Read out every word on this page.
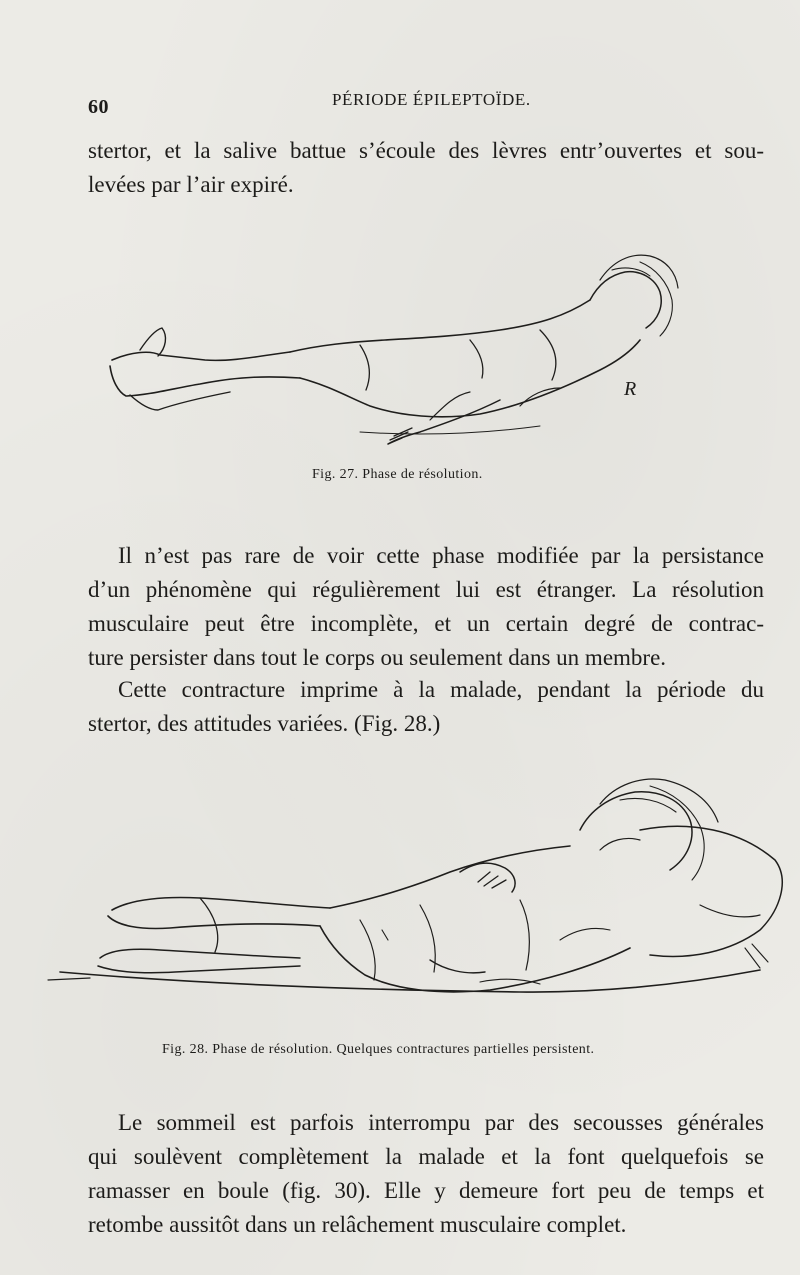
60	PÉRIODE ÉPILEPTOÏDE.
stertor, et la salive battue s’écoule des lèvres entr’ouvertes et sou-
levées par l’air expiré.
R
Fig. 27. Phase de résolution.
Il n’est pas rare de voir cette phase modifiée par la persistance
d’un phénomène qui régulièrement lui est étranger. La résolution
musculaire peut être incomplète, et un certain degré de contrac-
ture persister dans tout le corps ou seulement dans un membre.
Cette contracture imprime à la malade, pendant la période du
stertor, des attitudes variées. (Fig. 28.)
Fig. 28. Phase de résolution. Quelques contractures partielles persistent.
Le sommeil est parfois interrompu par des secousses générales
qui soulèvent complètement la malade et la font quelquefois se
ramasser en boule (fig. 30). Elle y demeure fort peu de temps et
retombe aussitôt dans un relâchement musculaire complet.
